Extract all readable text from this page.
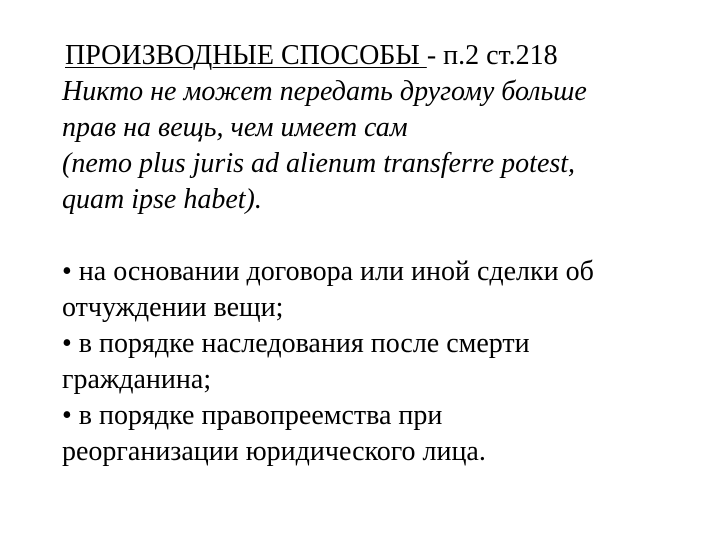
ПРОИЗВОДНЫЕ СПОСОБЫ - п.2 ст.218

Никто не может передать другому больше
прав на вещь, чем имеет сам
(nemo plus juris ad alienum transferre potest,
quam ipse habet).

• на основании договора или иной сделки об
отчуждении вещи;
• в порядке наследования после смерти
гражданина;
• в порядке правопреемства при
реорганизации юридического лица.
